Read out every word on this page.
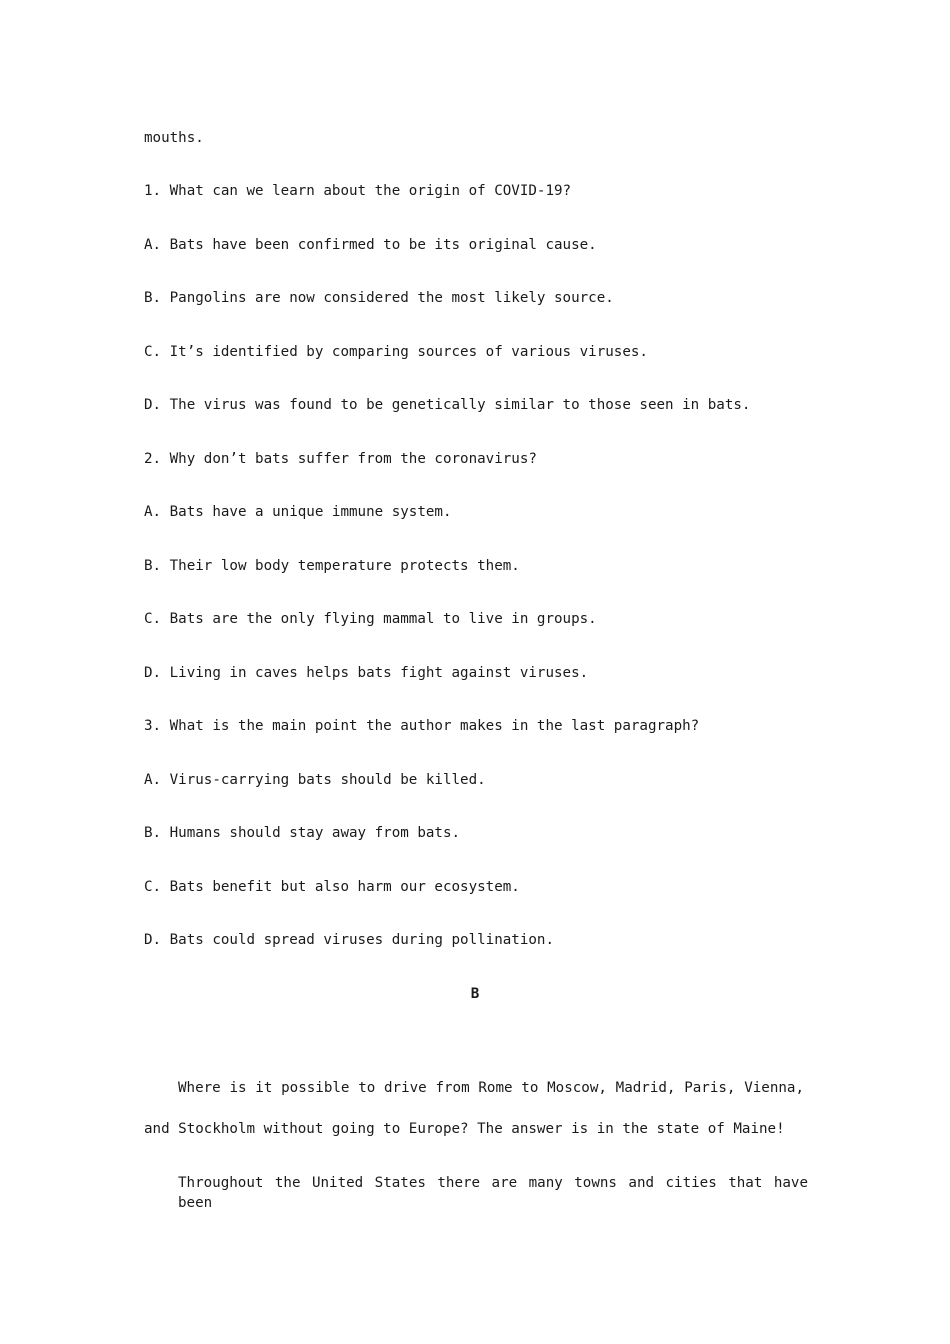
mouths.
1. What can we learn about the origin of COVID-19?
A. Bats have been confirmed to be its original cause.
B. Pangolins are now considered the most likely source.
C. It’s identified by comparing sources of various viruses.
D. The virus was found to be genetically similar to those seen in bats.
2. Why don’t bats suffer from the coronavirus?
A. Bats have a unique immune system.
B. Their low body temperature protects them.
C. Bats are the only flying mammal to live in groups.
D. Living in caves helps bats fight against viruses.
3. What is the main point the author makes in the last paragraph?
A. Virus-carrying bats should be killed.
B. Humans should stay away from bats.
C. Bats benefit but also harm our ecosystem.
D. Bats could spread viruses during pollination.
B
Where is it possible to drive from Rome to Moscow, Madrid, Paris, Vienna,
and Stockholm without going to Europe? The answer is in the state of Maine!
Throughout the United States there are many towns and cities that have been
